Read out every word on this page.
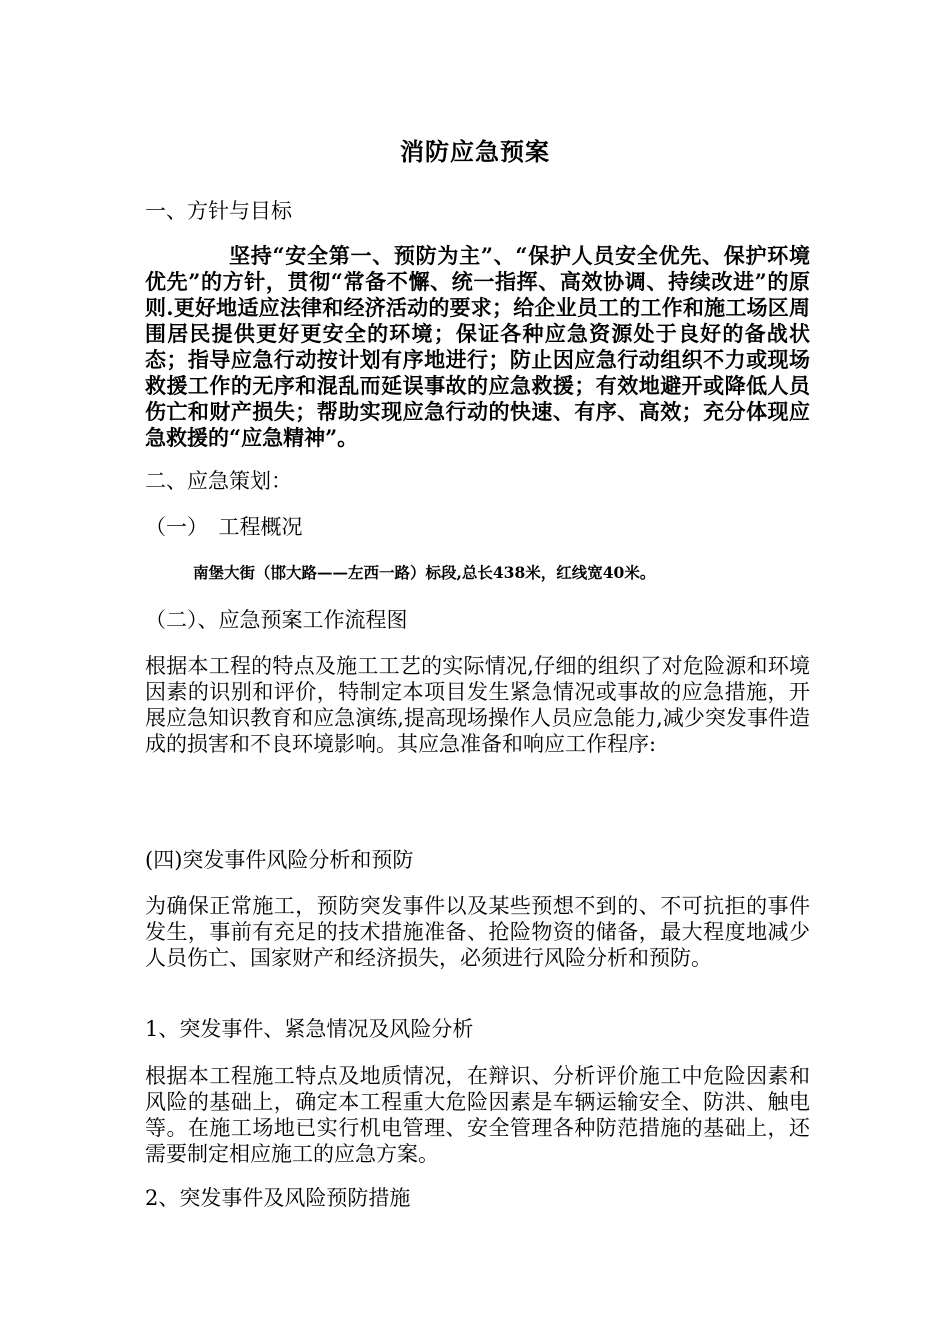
消防应急预案
一、方针与目标
坚持“安全第一、预防为主”、“保护人员安全优先、保护环境优先”的方针，贯彻“常备不懈、统一指挥、高效协调、持续改进”的原则.更好地适应法律和经济活动的要求；给企业员工的工作和施工场区周围居民提供更好更安全的环境；保证各种应急资源处于良好的备战状态；指导应急行动按计划有序地进行；防止因应急行动组织不力或现场救援工作的无序和混乱而延误事故的应急救援；有效地避开或降低人员伤亡和财产损失；帮助实现应急行动的快速、有序、高效；充分体现应急救援的“应急精神”。
二、应急策划：
（一）　工程概况
南堡大街（邯大路——左西一路）标段,总长438米，红线宽40米。
（二）、应急预案工作流程图
根据本工程的特点及施工工艺的实际情况,仔细的组织了对危险源和环境因素的识别和评价，特制定本项目发生紧急情况或事故的应急措施，开展应急知识教育和应急演练,提高现场操作人员应急能力,减少突发事件造成的损害和不良环境影响。其应急准备和响应工作程序:
(四)突发事件风险分析和预防
为确保正常施工，预防突发事件以及某些预想不到的、不可抗拒的事件发生，事前有充足的技术措施准备、抢险物资的储备，最大程度地减少人员伤亡、国家财产和经济损失，必须进行风险分析和预防。
1、突发事件、紧急情况及风险分析
根据本工程施工特点及地质情况，在辩识、分析评价施工中危险因素和风险的基础上，确定本工程重大危险因素是车辆运输安全、防洪、触电等。在施工场地已实行机电管理、安全管理各种防范措施的基础上，还需要制定相应施工的应急方案。
2、突发事件及风险预防措施
